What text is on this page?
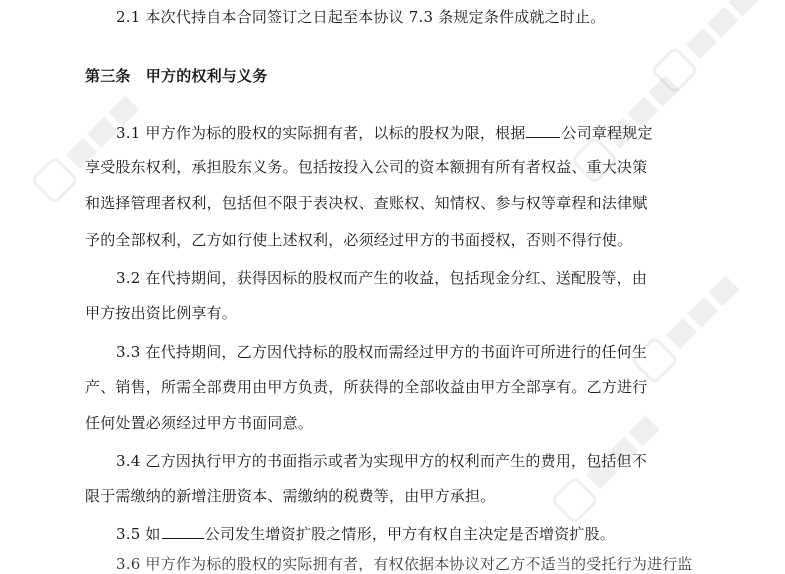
2.1 本次代持自本合同签订之日起至本协议 7.3 条规定条件成就之时止。
第三条　甲方的权利与义务
3.1 甲方作为标的股权的实际拥有者，以标的股权为限，根据 公司章程规定
享受股东权利，承担股东义务。包括按投入公司的资本额拥有所有者权益、重大决策
和选择管理者权利，包括但不限于表决权、查账权、知情权、参与权等章程和法律赋
予的全部权利，乙方如行使上述权利，必须经过甲方的书面授权，否则不得行使。
3.2 在代持期间，获得因标的股权而产生的收益，包括现金分红、送配股等，由
甲方按出资比例享有。
3.3 在代持期间，乙方因代持标的股权而需经过甲方的书面许可所进行的任何生
产、销售，所需全部费用由甲方负责，所获得的全部收益由甲方全部享有。乙方进行
任何处置必须经过甲方书面同意。
3.4 乙方因执行甲方的书面指示或者为实现甲方的权利而产生的费用，包括但不
限于需缴纳的新增注册资本、需缴纳的税费等，由甲方承担。
3.5 如	公司发生增资扩股之情形，甲方有权自主决定是否增资扩股。
3.6 甲方作为标的股权的实际拥有者，有权依据本协议对乙方不适当的受托行为进行监
